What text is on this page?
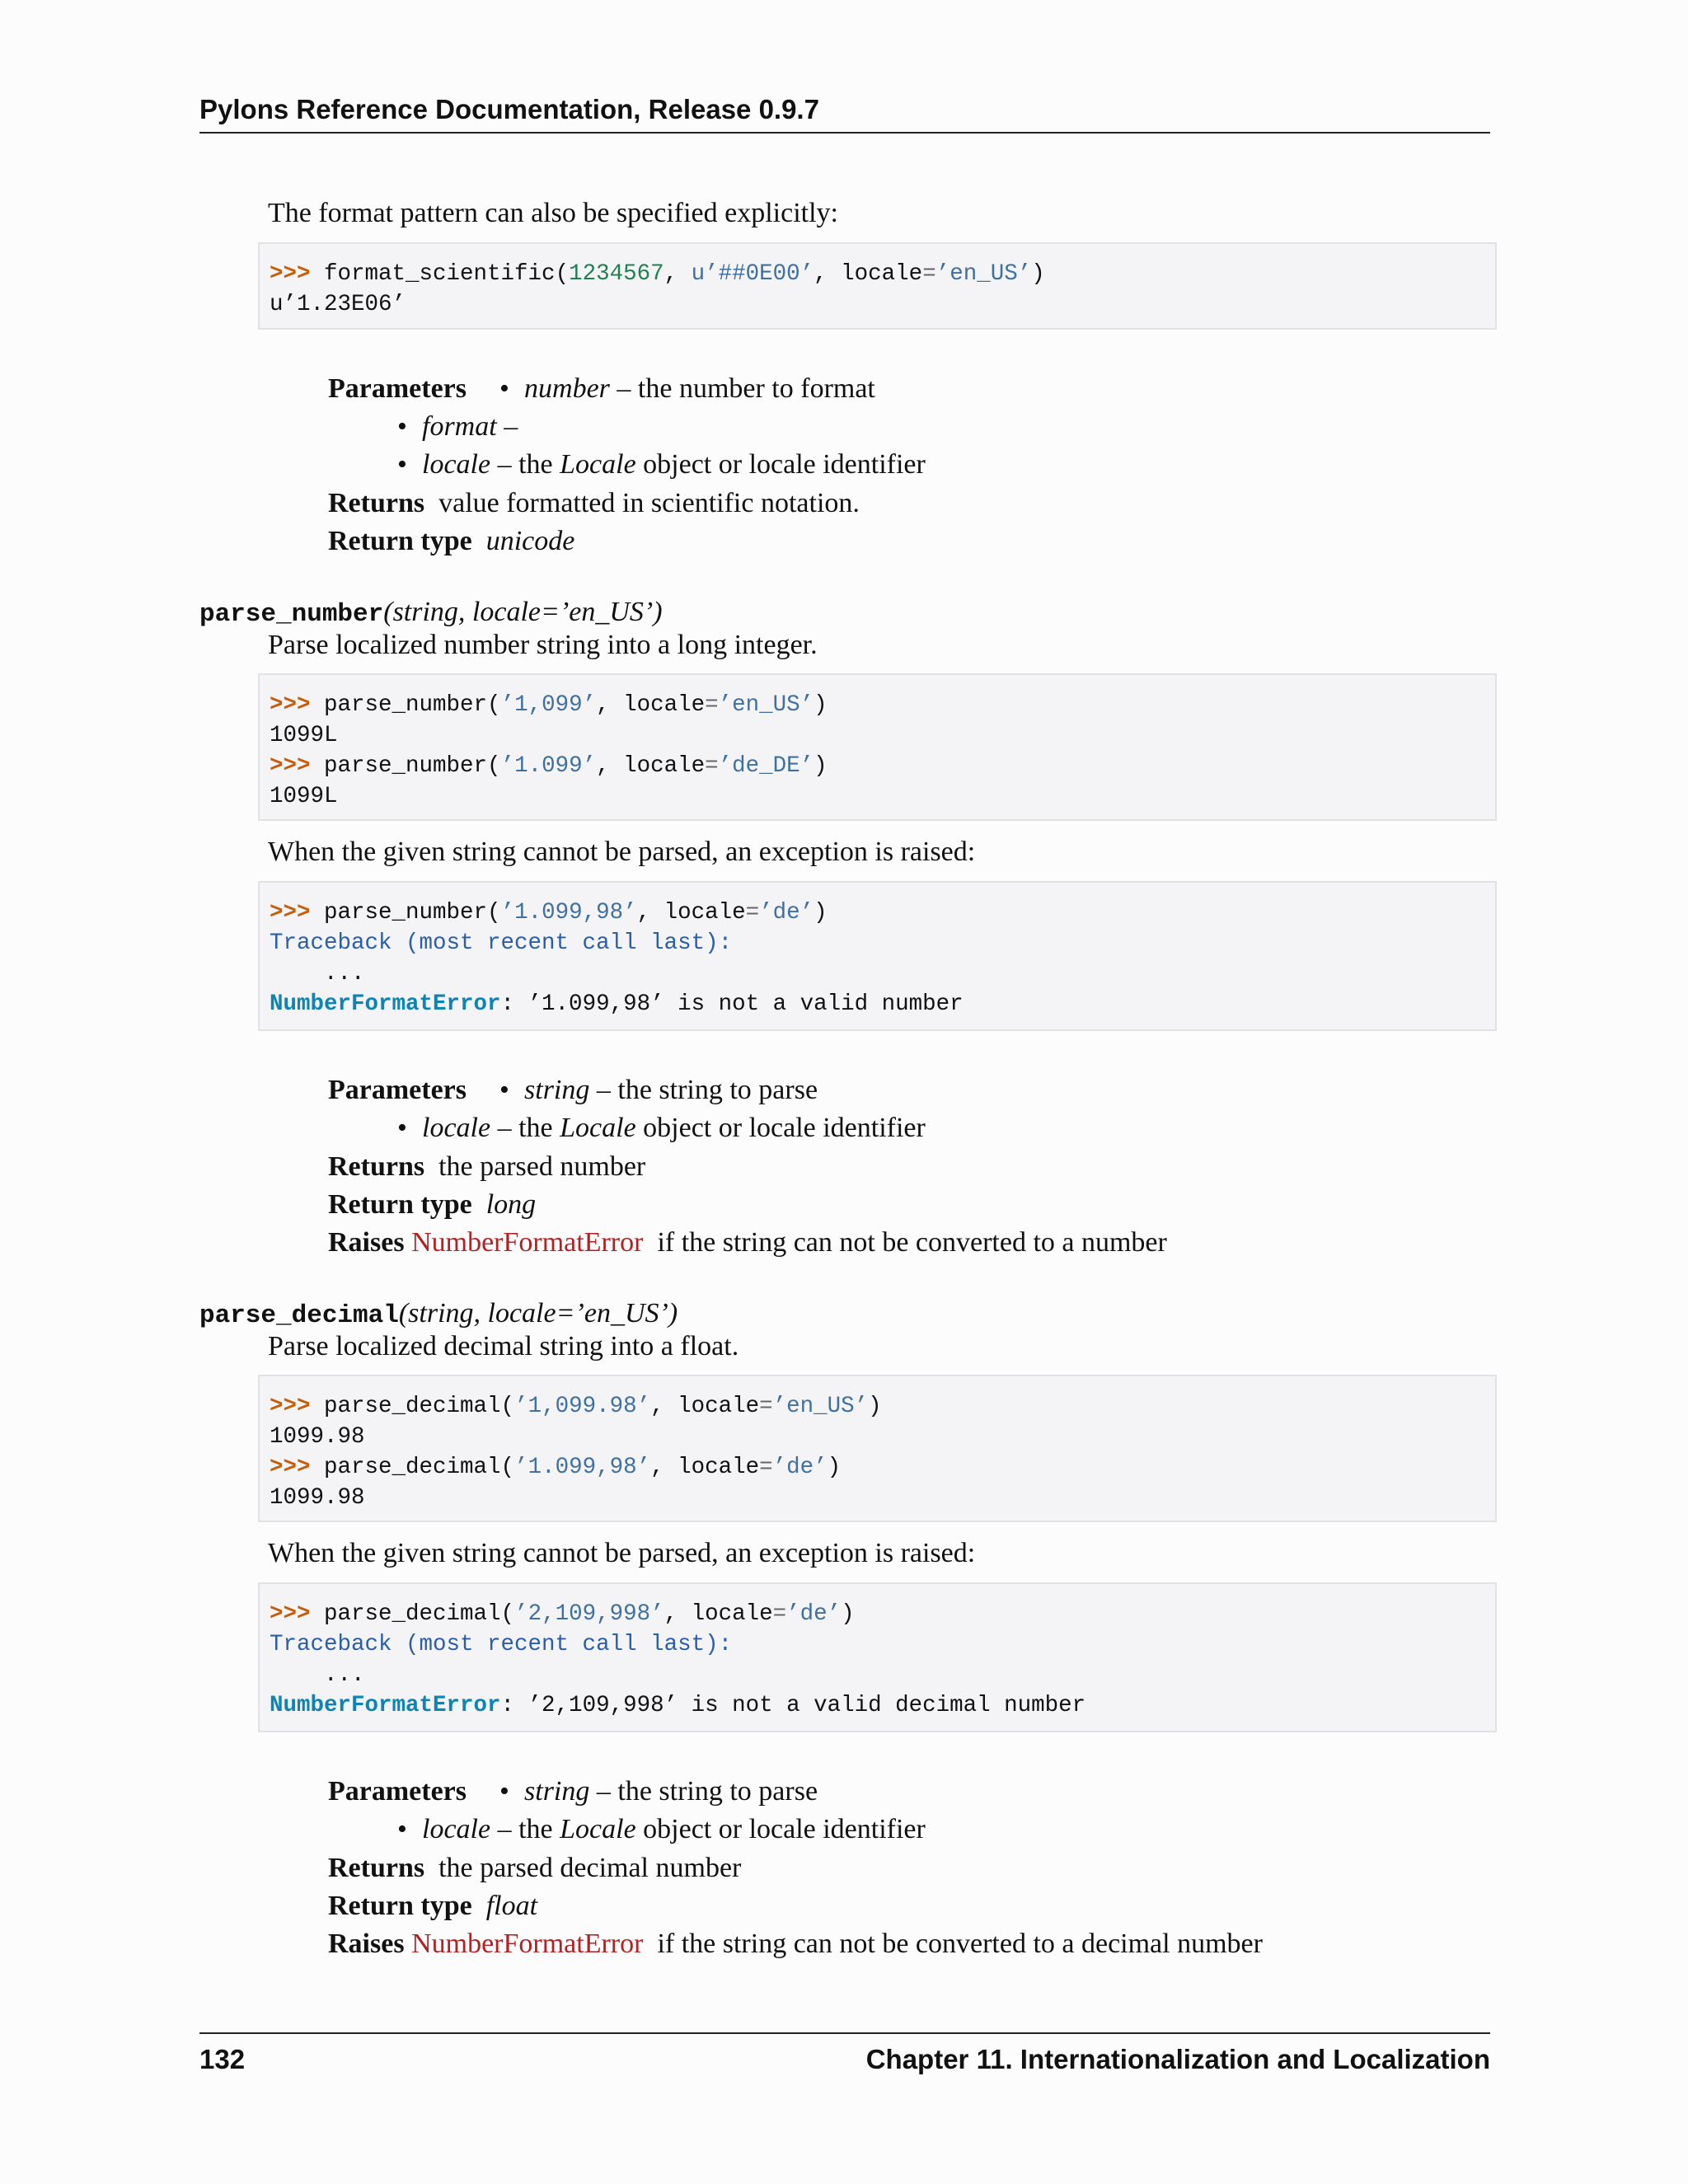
Pylons Reference Documentation, Release 0.9.7
The format pattern can also be specified explicitly:
>>> format_scientific(1234567, u’##0E00’, locale=’en_US’)
u’1.23E06’
Parameters • number – the number to format
• format –
• locale – the Locale object or locale identifier
Returns value formatted in scientific notation.
Return type unicode
parse_number(string, locale=’en_US’)
Parse localized number string into a long integer.
>>> parse_number(’1,099’, locale=’en_US’)
1099L
>>> parse_number(’1.099’, locale=’de_DE’)
1099L
When the given string cannot be parsed, an exception is raised:
>>> parse_number(’1.099,98’, locale=’de’)
Traceback (most recent call last):
...
NumberFormatError: ’1.099,98’ is not a valid number
Parameters • string – the string to parse
• locale – the Locale object or locale identifier
Returns the parsed number
Return type long
Raises NumberFormatError  if the string can not be converted to a number
parse_decimal(string, locale=’en_US’)
Parse localized decimal string into a float.
>>> parse_decimal(’1,099.98’, locale=’en_US’)
1099.98
>>> parse_decimal(’1.099,98’, locale=’de’)
1099.98
When the given string cannot be parsed, an exception is raised:
>>> parse_decimal(’2,109,998’, locale=’de’)
Traceback (most recent call last):
...
NumberFormatError: ’2,109,998’ is not a valid decimal number
Parameters • string – the string to parse
• locale – the Locale object or locale identifier
Returns the parsed decimal number
Return type float
Raises NumberFormatError  if the string can not be converted to a decimal number
132	Chapter 11. Internationalization and Localization
